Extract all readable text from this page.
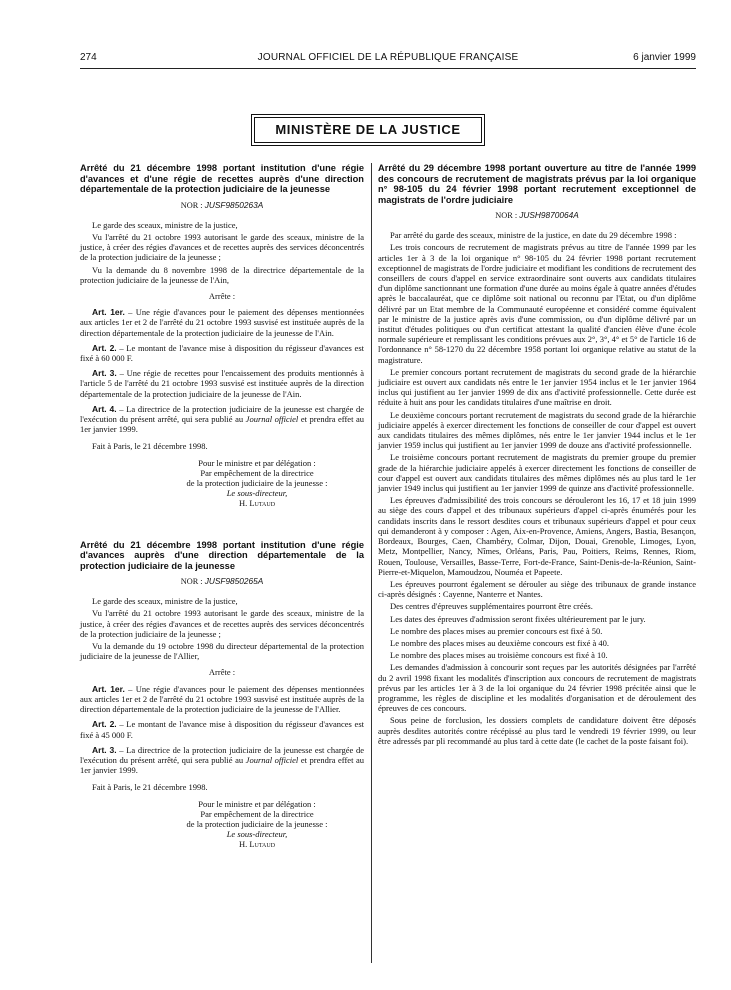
274	JOURNAL OFFICIEL DE LA RÉPUBLIQUE FRANÇAISE	6 janvier 1999
MINISTÈRE DE LA JUSTICE
Arrêté du 21 décembre 1998 portant institution d'une régie d'avances et d'une régie de recettes auprès d'une direction départementale de la protection judiciaire de la jeunesse
NOR : JUSF9850263A

Le garde des sceaux, ministre de la justice,

Vu l'arrêté du 21 octobre 1993 autorisant le garde des sceaux, ministre de la justice, à créer des régies d'avances et de recettes auprès des services déconcentrés de la protection judiciaire de la jeunesse ;

Vu la demande du 8 novembre 1998 de la directrice départementale de la protection judiciaire de la jeunesse de l'Ain,

Arrête :

Art. 1er. – Une régie d'avances pour le paiement des dépenses mentionnées aux articles 1er et 2 de l'arrêté du 21 octobre 1993 susvisé est instituée auprès de la direction départementale de la protection judiciaire de la jeunesse de l'Ain.

Art. 2. – Le montant de l'avance mise à disposition du régisseur d'avances est fixé à 60 000 F.

Art. 3. – Une régie de recettes pour l'encaissement des produits mentionnés à l'article 5 de l'arrêté du 21 octobre 1993 susvisé est instituée auprès de la direction départementale de la protection judiciaire de la jeunesse de l'Ain.

Art. 4. – La directrice de la protection judiciaire de la jeunesse est chargée de l'exécution du présent arrêté, qui sera publié au Journal officiel et prendra effet au 1er janvier 1999.

Fait à Paris, le 21 décembre 1998.

Pour le ministre et par délégation :
Par empêchement de la directrice
de la protection judiciaire de la jeunesse :
Le sous-directeur,
H. Lutaud
Arrêté du 21 décembre 1998 portant institution d'une régie d'avances auprès d'une direction départementale de la protection judiciaire de la jeunesse
NOR : JUSF9850265A

Le garde des sceaux, ministre de la justice,

Vu l'arrêté du 21 octobre 1993 autorisant le garde des sceaux, ministre de la justice, à créer des régies d'avances et de recettes auprès des services déconcentrés de la protection judiciaire de la jeunesse ;

Vu la demande du 19 octobre 1998 du directeur départemental de la protection judiciaire de la jeunesse de l'Allier,

Arrête :

Art. 1er. – Une régie d'avances pour le paiement des dépenses mentionnées aux articles 1er et 2 de l'arrêté du 21 octobre 1993 susvisé est instituée auprès de la direction départementale de la protection judiciaire de la jeunesse de l'Allier.

Art. 2. – Le montant de l'avance mise à disposition du régisseur d'avances est fixé à 45 000 F.

Art. 3. – La directrice de la protection judiciaire de la jeunesse est chargée de l'exécution du présent arrêté, qui sera publié au Journal officiel et prendra effet au 1er janvier 1999.

Fait à Paris, le 21 décembre 1998.

Pour le ministre et par délégation :
Par empêchement de la directrice
de la protection judiciaire de la jeunesse :
Le sous-directeur,
H. Lutaud
Arrêté du 29 décembre 1998 portant ouverture au titre de l'année 1999 des concours de recrutement de magistrats prévus par la loi organique n° 98-105 du 24 février 1998 portant recrutement exceptionnel de magistrats de l'ordre judiciaire
NOR : JUSH9870064A

Par arrêté du garde des sceaux, ministre de la justice, en date du 29 décembre 1998 :

Les trois concours de recrutement de magistrats prévus au titre de l'année 1999 par les articles 1er à 3 de la loi organique n° 98-105 du 24 février 1998 portant recrutement exceptionnel de magistrats de l'ordre judiciaire et modifiant les conditions de recrutement des conseillers de cours d'appel en service extraordinaire sont ouverts aux candidats titulaires d'un diplôme sanctionnant une formation d'une durée au moins égale à quatre années d'études après le baccalauréat, que ce diplôme soit national ou reconnu par l'Etat, ou d'un diplôme délivré par un Etat membre de la Communauté européenne et considéré comme équivalent par le ministre de la justice après avis d'une commission, ou d'un diplôme délivré par un institut d'études politiques ou d'un certificat attestant la qualité d'ancien élève d'une école normale supérieure et remplissant les conditions prévues aux 2°, 3°, 4° et 5° de l'article 16 de l'ordonnance n° 58-1270 du 22 décembre 1958 portant loi organique relative au statut de la magistrature.

Le premier concours portant recrutement de magistrats du second grade de la hiérarchie judiciaire est ouvert aux candidats nés entre le 1er janvier 1954 inclus et le 1er janvier 1964 inclus qui justifient au 1er janvier 1999 de dix ans d'activité professionnelle. Cette durée est réduite à huit ans pour les candidats titulaires d'une maîtrise en droit.

Le deuxième concours portant recrutement de magistrats du second grade de la hiérarchie judiciaire appelés à exercer directement les fonctions de conseiller de cour d'appel est ouvert aux candidats titulaires des mêmes diplômes, nés entre le 1er janvier 1944 inclus et le 1er janvier 1959 inclus qui justifient au 1er janvier 1999 de douze ans d'activité professionnelle.

Le troisième concours portant recrutement de magistrats du premier groupe du premier grade de la hiérarchie judiciaire appelés à exercer directement les fonctions de conseiller de cour d'appel est ouvert aux candidats titulaires des mêmes diplômes nés au plus tard le 1er janvier 1949 inclus qui justifient au 1er janvier 1999 de quinze ans d'activité professionnelle.

Les épreuves d'admissibilité des trois concours se dérouleront les 16, 17 et 18 juin 1999 au siège des cours d'appel et des tribunaux supérieurs d'appel ci-après énumérés pour les candidats inscrits dans le ressort desdites cours et tribunaux supérieurs d'appel et pour ceux qui demanderont à y composer : Agen, Aix-en-Provence, Amiens, Angers, Bastia, Besançon, Bordeaux, Bourges, Caen, Chambéry, Colmar, Dijon, Douai, Grenoble, Limoges, Lyon, Metz, Montpellier, Nancy, Nîmes, Orléans, Paris, Pau, Poitiers, Reims, Rennes, Riom, Rouen, Toulouse, Versailles, Basse-Terre, Fort-de-France, Saint-Denis-de-la-Réunion, Saint-Pierre-et-Miquelon, Mamoudzou, Nouméa et Papeete.

Les épreuves pourront également se dérouler au siège des tribunaux de grande instance ci-après désignés : Cayenne, Nanterre et Nantes.

Des centres d'épreuves supplémentaires pourront être créés.

Les dates des épreuves d'admission seront fixées ultérieurement par le jury.

Le nombre des places mises au premier concours est fixé à 50.

Le nombre des places mises au deuxième concours est fixé à 40.

Le nombre des places mises au troisième concours est fixé à 10.

Les demandes d'admission à concourir sont reçues par les autorités désignées par l'arrêté du 2 avril 1998 fixant les modalités d'inscription aux concours de recrutement de magistrats prévus par les articles 1er à 3 de la loi organique du 24 février 1998 précitée ainsi que le programme, les règles de discipline et les modalités d'organisation et de déroulement des épreuves de ces concours.

Sous peine de forclusion, les dossiers complets de candidature doivent être déposés auprès desdites autorités contre récépissé au plus tard le vendredi 19 février 1999, ou leur être adressés par pli recommandé au plus tard à cette date (le cachet de la poste faisant foi).
